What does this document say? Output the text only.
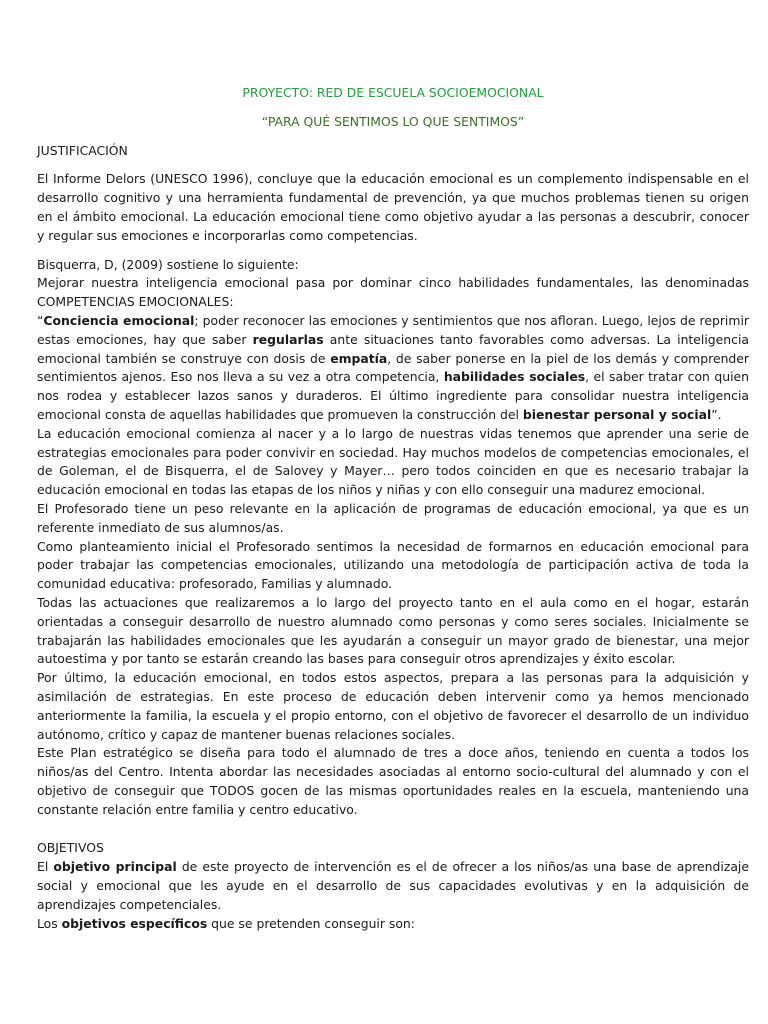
PROYECTO: RED DE ESCUELA SOCIOEMOCIONAL
“PARA QUÉ SENTIMOS LO QUE SENTIMOS”
JUSTIFICACIÓN

El Informe Delors (UNESCO 1996), concluye que la educación emocional es un complemento indispensable en el desarrollo cognitivo y una herramienta fundamental de prevención, ya que muchos problemas tienen su origen en el ámbito emocional. La educación emocional tiene como objetivo ayudar a las personas a descubrir, conocer y regular sus emociones e incorporarlas como competencias.

Bisquerra, D, (2009) sostiene lo siguiente:

Mejorar nuestra inteligencia emocional pasa por dominar cinco habilidades fundamentales, las denominadas COMPETENCIAS EMOCIONALES:

“Conciencia emocional; poder reconocer las emociones y sentimientos que nos afloran. Luego, lejos de reprimir estas emociones, hay que saber regularlas ante situaciones tanto favorables como adversas. La inteligencia emocional también se construye con dosis de empatía, de saber ponerse en la piel de los demás y comprender sentimientos ajenos. Eso nos lleva a su vez a otra competencia, habilidades sociales, el saber tratar con quien nos rodea y establecer lazos sanos y duraderos. El último ingrediente para consolidar nuestra inteligencia emocional consta de aquellas habilidades que promueven la construcción del bienestar personal y social”.

La educación emocional comienza al nacer y a lo largo de nuestras vidas tenemos que aprender una serie de estrategias emocionales para poder convivir en sociedad. Hay muchos modelos de competencias emocionales, el de Goleman, el de Bisquerra, el de Salovey y Mayer… pero todos coinciden en que es necesario trabajar la educación emocional en todas las etapas de los niños y niñas y con ello conseguir una madurez emocional.

El Profesorado tiene un peso relevante en la aplicación de programas de educación emocional, ya que es un referente inmediato de sus alumnos/as.

Como planteamiento inicial el Profesorado sentimos la necesidad de formarnos en educación emocional para poder trabajar las competencias emocionales, utilizando una metodología de participación activa de toda la comunidad educativa: profesorado, Familias y alumnado.

Todas las actuaciones que realizaremos a lo largo del proyecto tanto en el aula como en el hogar, estarán orientadas a conseguir desarrollo de nuestro alumnado como personas y como seres sociales. Inicialmente se trabajarán las habilidades emocionales que les ayudarán a conseguir un mayor grado de bienestar, una mejor autoestima y por tanto se estarán creando las bases para conseguir otros aprendizajes y éxito escolar.

Por último, la educación emocional, en todos estos aspectos, prepara a las personas para la adquisición y asimilación de estrategias. En este proceso de educación deben intervenir como ya hemos mencionado anteriormente la familia, la escuela y el propio entorno, con el objetivo de favorecer el desarrollo de un individuo autónomo, crítico y capaz de mantener buenas relaciones sociales.

Este Plan estratégico se diseña para todo el alumnado de tres a doce años, teniendo en cuenta a todos los niños/as del Centro. Intenta abordar las necesidades asociadas al entorno socio-cultural del alumnado y con el objetivo de conseguir que TODOS gocen de las mismas oportunidades reales en la escuela, manteniendo una constante relación entre familia y centro educativo.

OBJETIVOS

El objetivo principal de este proyecto de intervención es el de ofrecer a los niños/as una base de aprendizaje social y emocional que les ayude en el desarrollo de sus capacidades evolutivas y en la adquisición de aprendizajes competenciales.

Los objetivos específicos que se pretenden conseguir son:
